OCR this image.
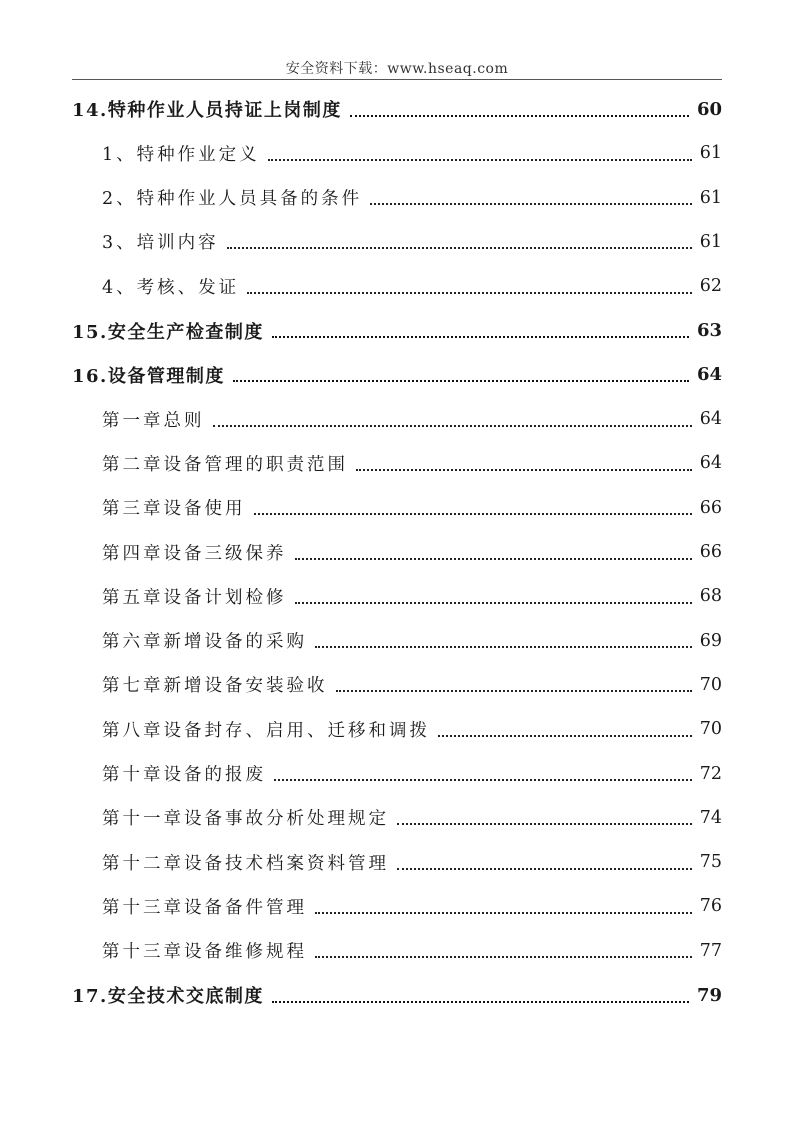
安全资料下载：www.hseaq.com
14.特种作业人员持证上岗制度	60
1、特种作业定义	61
2、特种作业人员具备的条件	61
3、培训内容	61
4、考核、发证	62
15.安全生产检查制度	63
16.设备管理制度	64
第一章总则	64
第二章设备管理的职责范围	64
第三章设备使用	66
第四章设备三级保养	66
第五章设备计划检修	68
第六章新增设备的采购	69
第七章新增设备安装验收	70
第八章设备封存、启用、迁移和调拨	70
第十章设备的报废	72
第十一章设备事故分析处理规定	74
第十二章设备技术档案资料管理	75
第十三章设备备件管理	76
第十三章设备维修规程	77
17.安全技术交底制度	79
